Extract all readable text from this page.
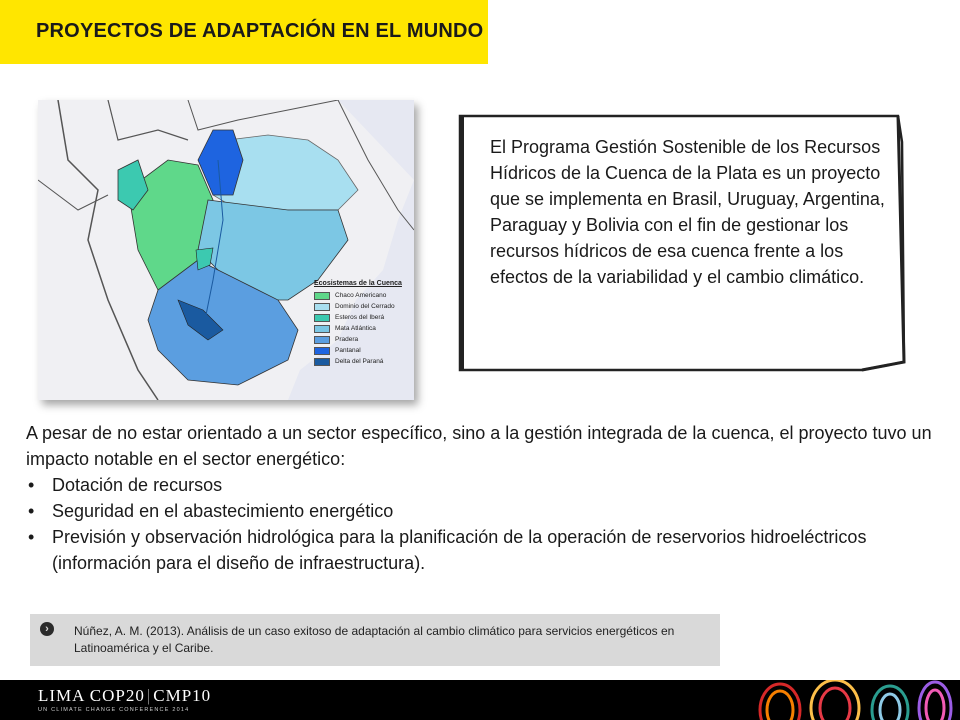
PROYECTOS DE ADAPTACIÓN EN EL MUNDO
Ecosistemas de la Cuenca
Chaco Americano
Dominio del Cerrado
Esteros del Iberá
Mata Atlántica
Pradera
Pantanal
Delta del Paraná
El Programa Gestión Sostenible de los Recursos Hídricos de la Cuenca de la Plata es un proyecto que se implementa en Brasil, Uruguay, Argentina, Paraguay y Bolivia con el fin de gestionar los recursos hídricos de esa cuenca frente a los efectos de la variabilidad y el cambio climático.
A pesar de no estar orientado a un sector específico, sino a la gestión integrada de la cuenca, el proyecto tuvo un impacto notable en el sector energético:
• Dotación de recursos
• Seguridad en el abastecimiento energético
• Previsión y observación hidrológica para la planificación de la operación de reservorios hidroeléctricos (información para el diseño de infraestructura).
›	Núñez, A. M. (2013). Análisis de un caso exitoso de adaptación al cambio climático para servicios energéticos en Latinoamérica y el Caribe.
LIMA COP20 | CMP10
UN CLIMATE CHANGE CONFERENCE 2014
